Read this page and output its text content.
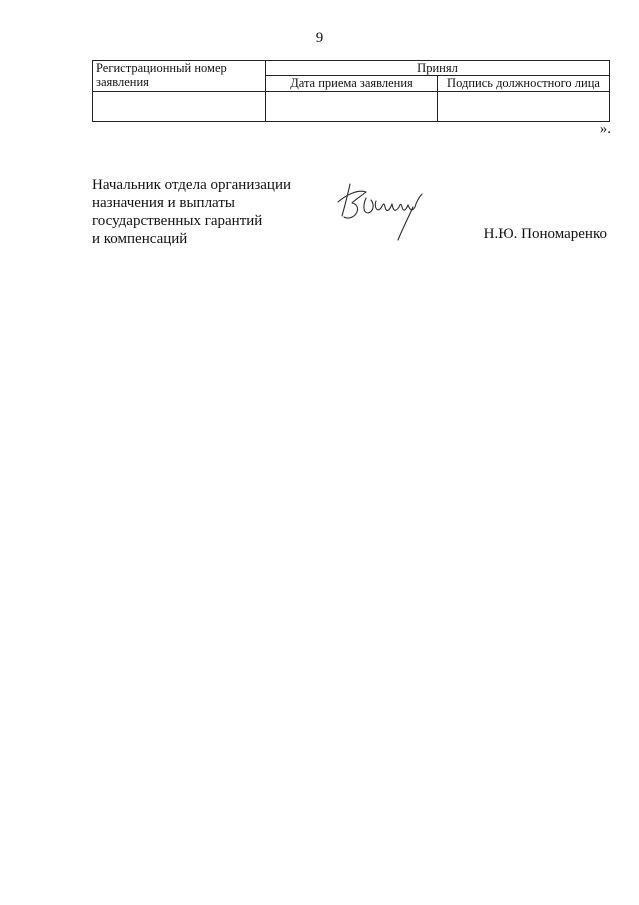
9
Регистрационный номер заявления	Принял	
	Дата приема заявления	Подпись должностного лица

».
Начальник отдела организации
назначения и выплаты
государственных гарантий
и компенсаций	Н.Ю. Пономаренко
